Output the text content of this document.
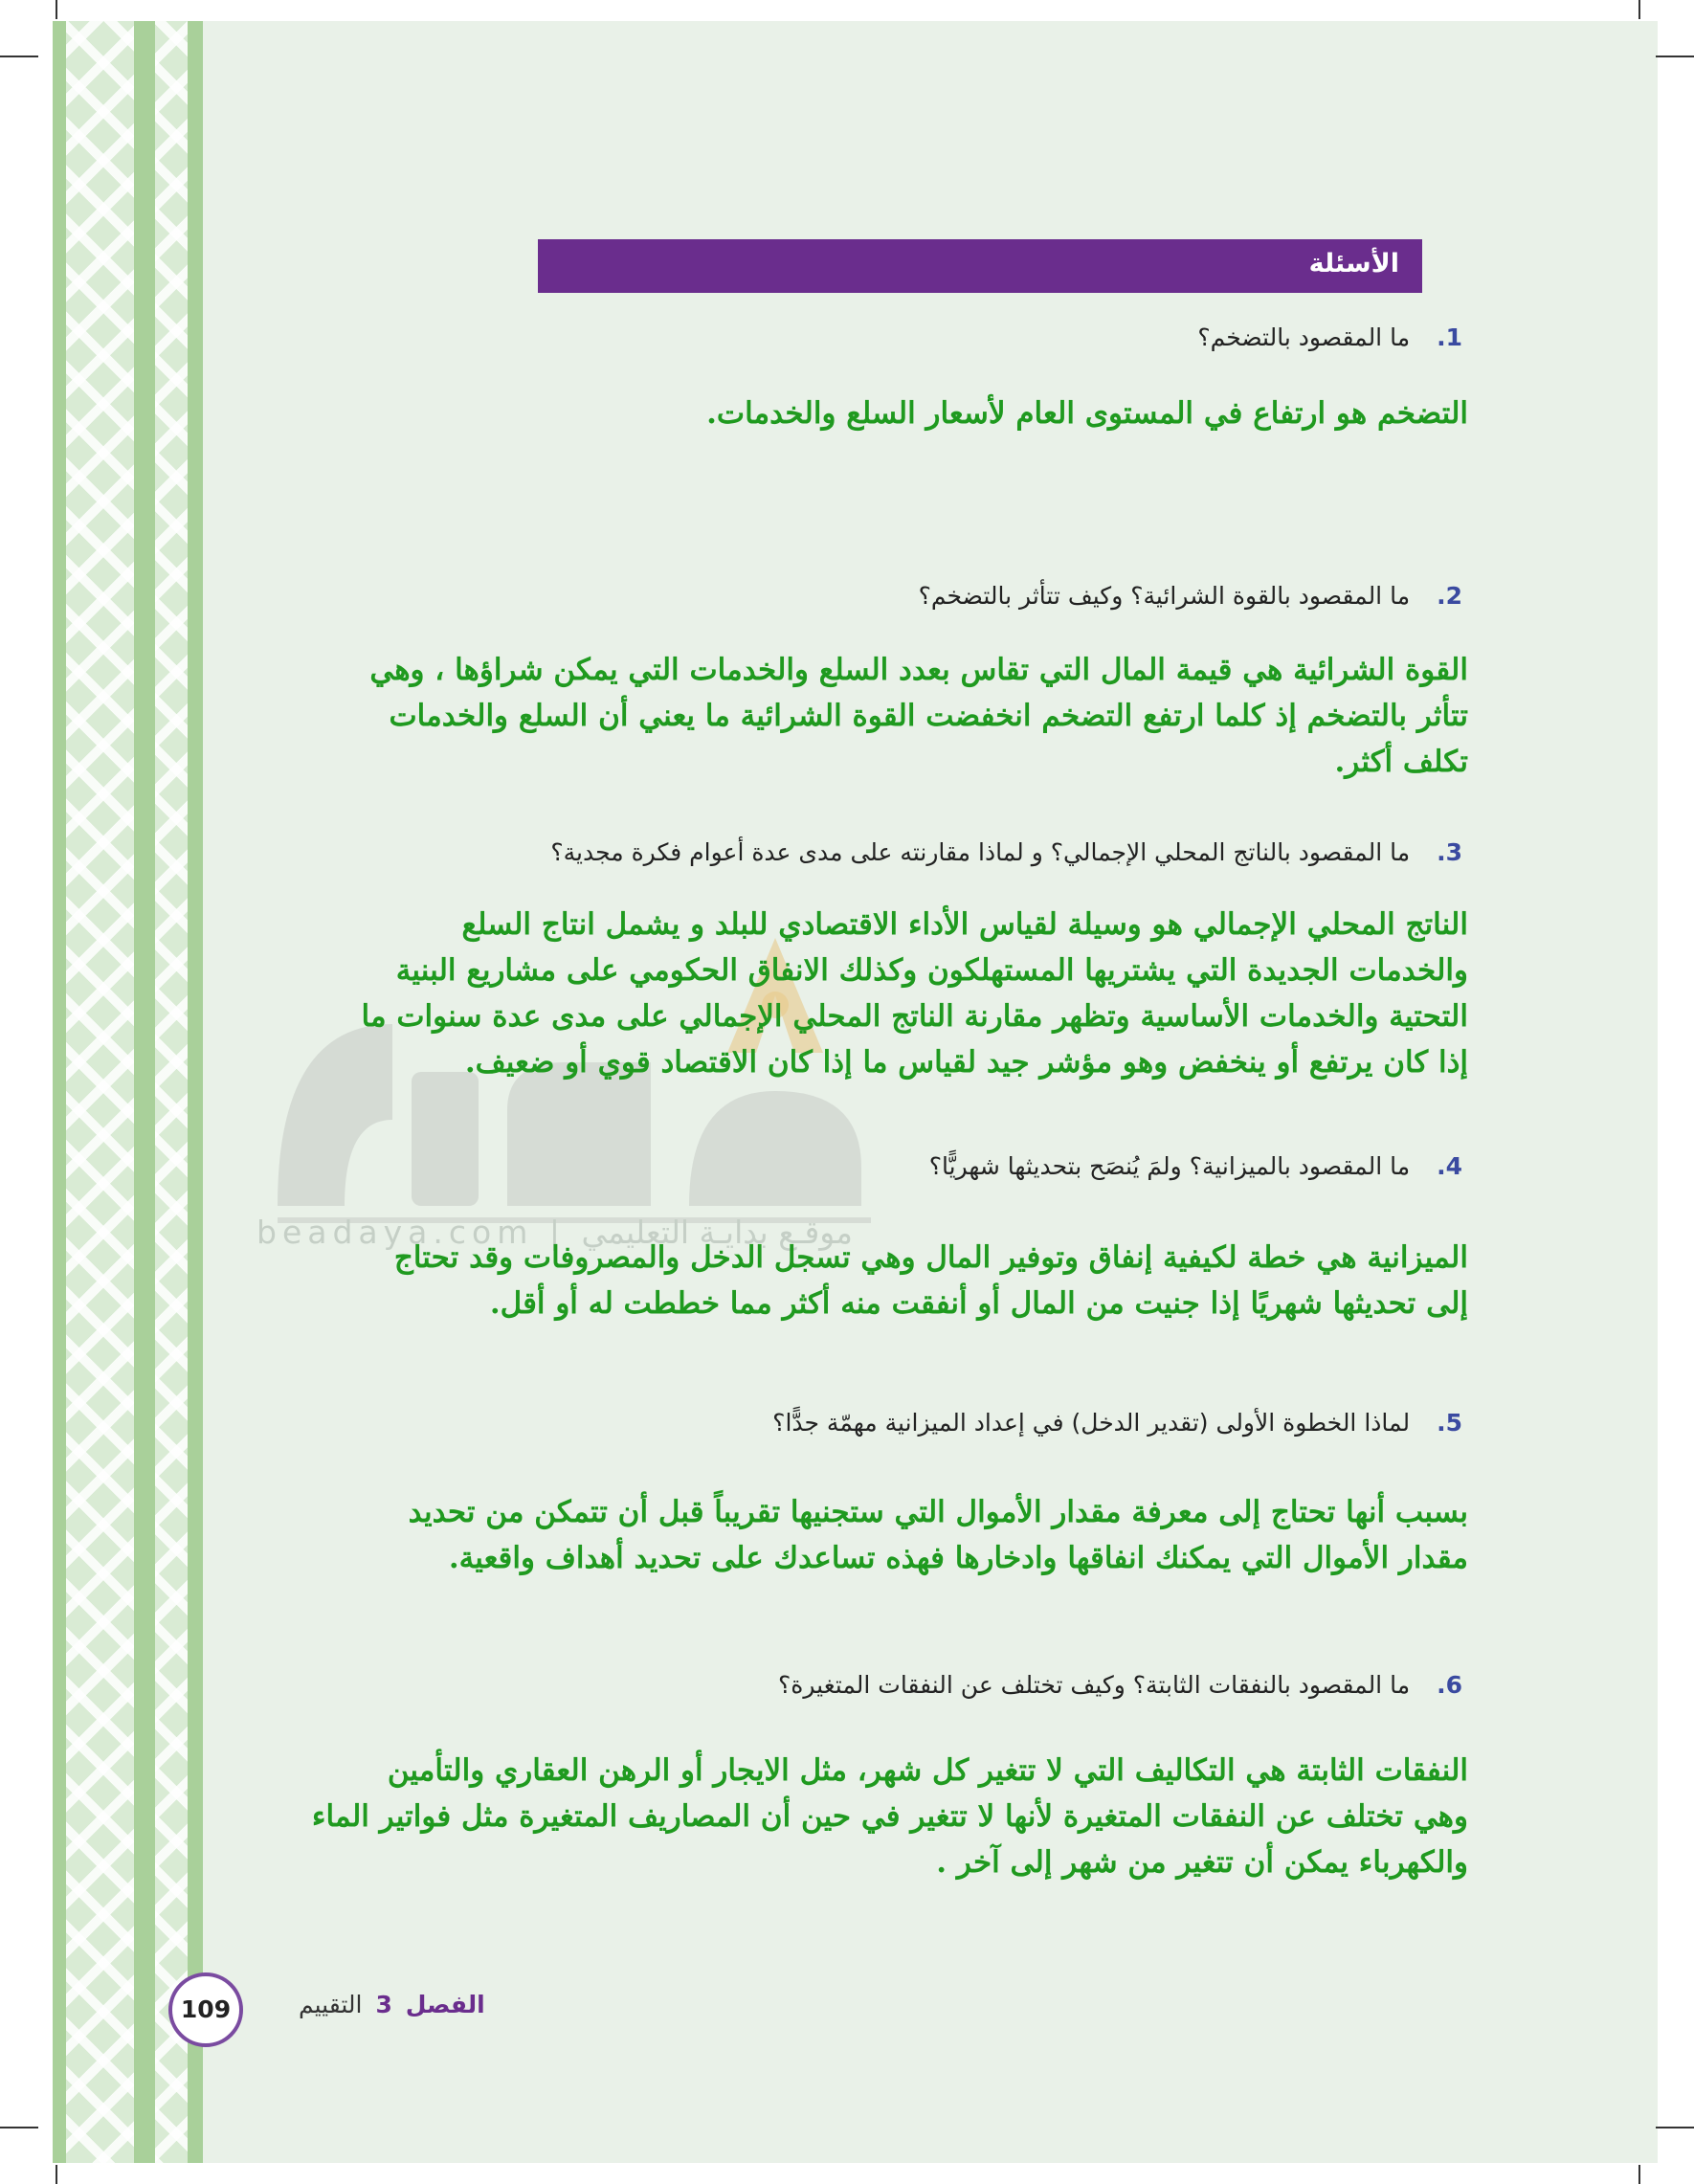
beadaya.com | موقـع بدايـة التعليمي
الأسئلة
1.ما المقصود بالتضخم؟

التضخم هو ارتفاع في المستوى العام لأسعار السلع والخدمات.

2.ما المقصود بالقوة الشرائية؟ وكيف تتأثر بالتضخم؟

القوة الشرائية هي قيمة المال التي تقاس بعدد السلع والخدمات التي يمكن شراؤها ، وهي

تتأثر بالتضخم إذ كلما ارتفع التضخم انخفضت القوة الشرائية ما يعني أن السلع والخدمات

تكلف أكثر.

3.ما المقصود بالناتج المحلي الإجمالي؟ و لماذا مقارنته على مدى عدة أعوام فكرة مجدية؟

الناتج المحلي الإجمالي هو وسيلة لقياس الأداء الاقتصادي للبلد و يشمل انتاج السلع

والخدمات الجديدة التي يشتريها المستهلكون وكذلك الانفاق الحكومي على مشاريع البنية

التحتية والخدمات الأساسية وتظهر مقارنة الناتج المحلي الإجمالي على مدى عدة سنوات ما

إذا كان يرتفع أو ينخفض وهو مؤشر جيد لقياس ما إذا كان الاقتصاد قوي أو ضعيف.

4.ما المقصود بالميزانية؟ ولمَ يُنصَح بتحديثها شهريًّا؟

الميزانية هي خطة لكيفية إنفاق وتوفير المال وهي تسجل الدخل والمصروفات وقد تحتاج

إلى تحديثها شهريًا إذا جنيت من المال أو أنفقت منه أكثر مما خططت له أو أقل.

5.لماذا الخطوة الأولى (تقدير الدخل) في إعداد الميزانية مهمّة جدًّا؟

بسبب أنها تحتاج إلى معرفة مقدار الأموال التي ستجنيها تقريباً قبل أن تتمكن من تحديد

مقدار الأموال التي يمكنك انفاقها وادخارها فهذه تساعدك على تحديد أهداف واقعية.

6.ما المقصود بالنفقات الثابتة؟ وكيف تختلف عن النفقات المتغيرة؟

النفقات الثابتة هي التكاليف التي لا تتغير كل شهر، مثل الايجار أو الرهن العقاري والتأمين

وهي تختلف عن النفقات المتغيرة لأنها لا تتغير في حين أن المصاريف المتغيرة مثل فواتير الماء

والكهرباء يمكن أن تتغير من شهر إلى آخر .

الفصل 3 التقييم
109
